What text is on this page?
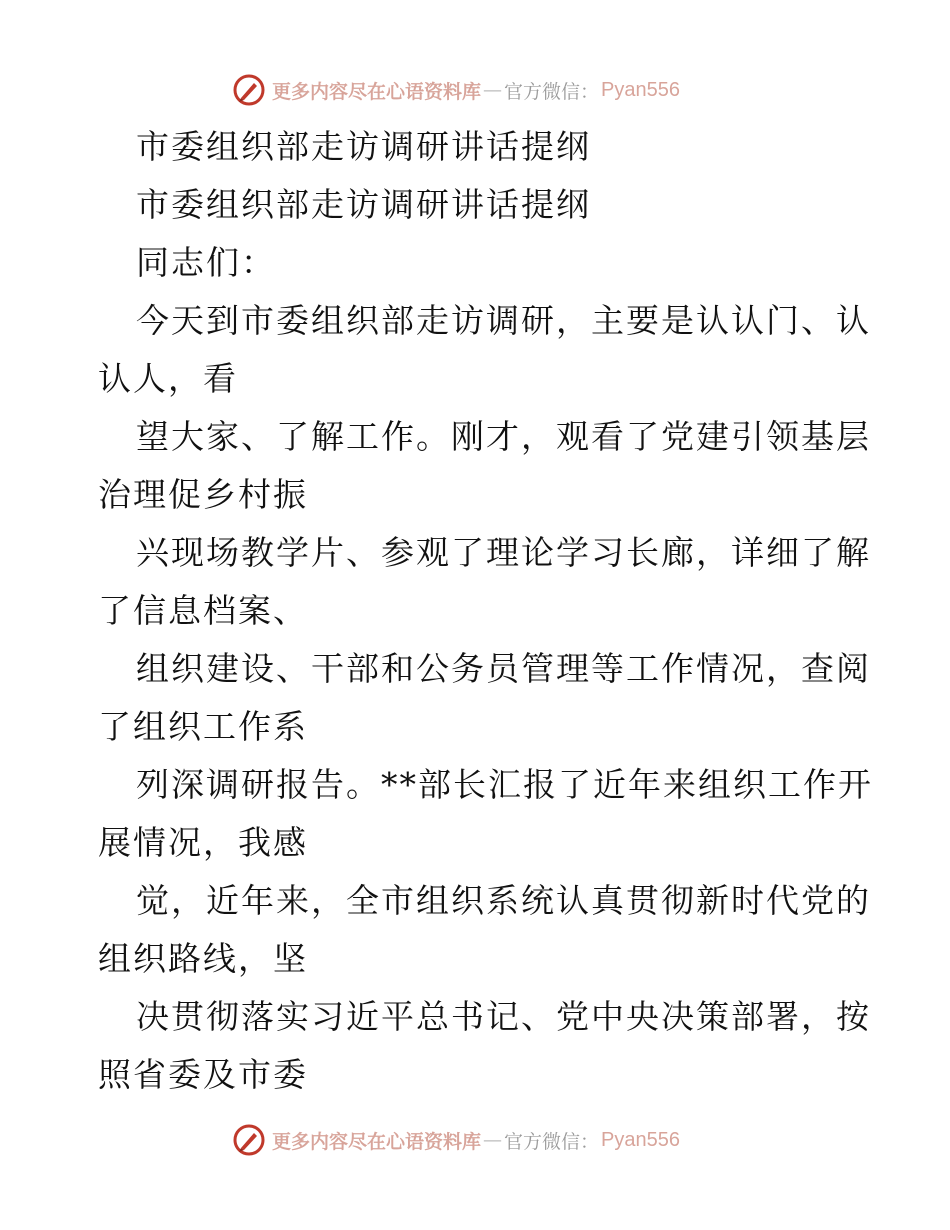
更多内容尽在心语资料库 — 官方微信： Pyan556
市委组织部走访调研讲话提纲
市委组织部走访调研讲话提纲
同志们：
今天到市委组织部走访调研，主要是认认门、认
认人，看
望大家、了解工作。刚才，观看了党建引领基层
治理促乡村振
兴现场教学片、参观了理论学习长廊，详细了解
了信息档案、
组织建设、干部和公务员管理等工作情况，查阅
了组织工作系
列深调研报告。**部长汇报了近年来组织工作开
展情况，我感
觉，近年来，全市组织系统认真贯彻新时代党的
组织路线，坚
决贯彻落实习近平总书记、党中央决策部署，按
照省委及市委
更多内容尽在心语资料库 — 官方微信： Pyan556
